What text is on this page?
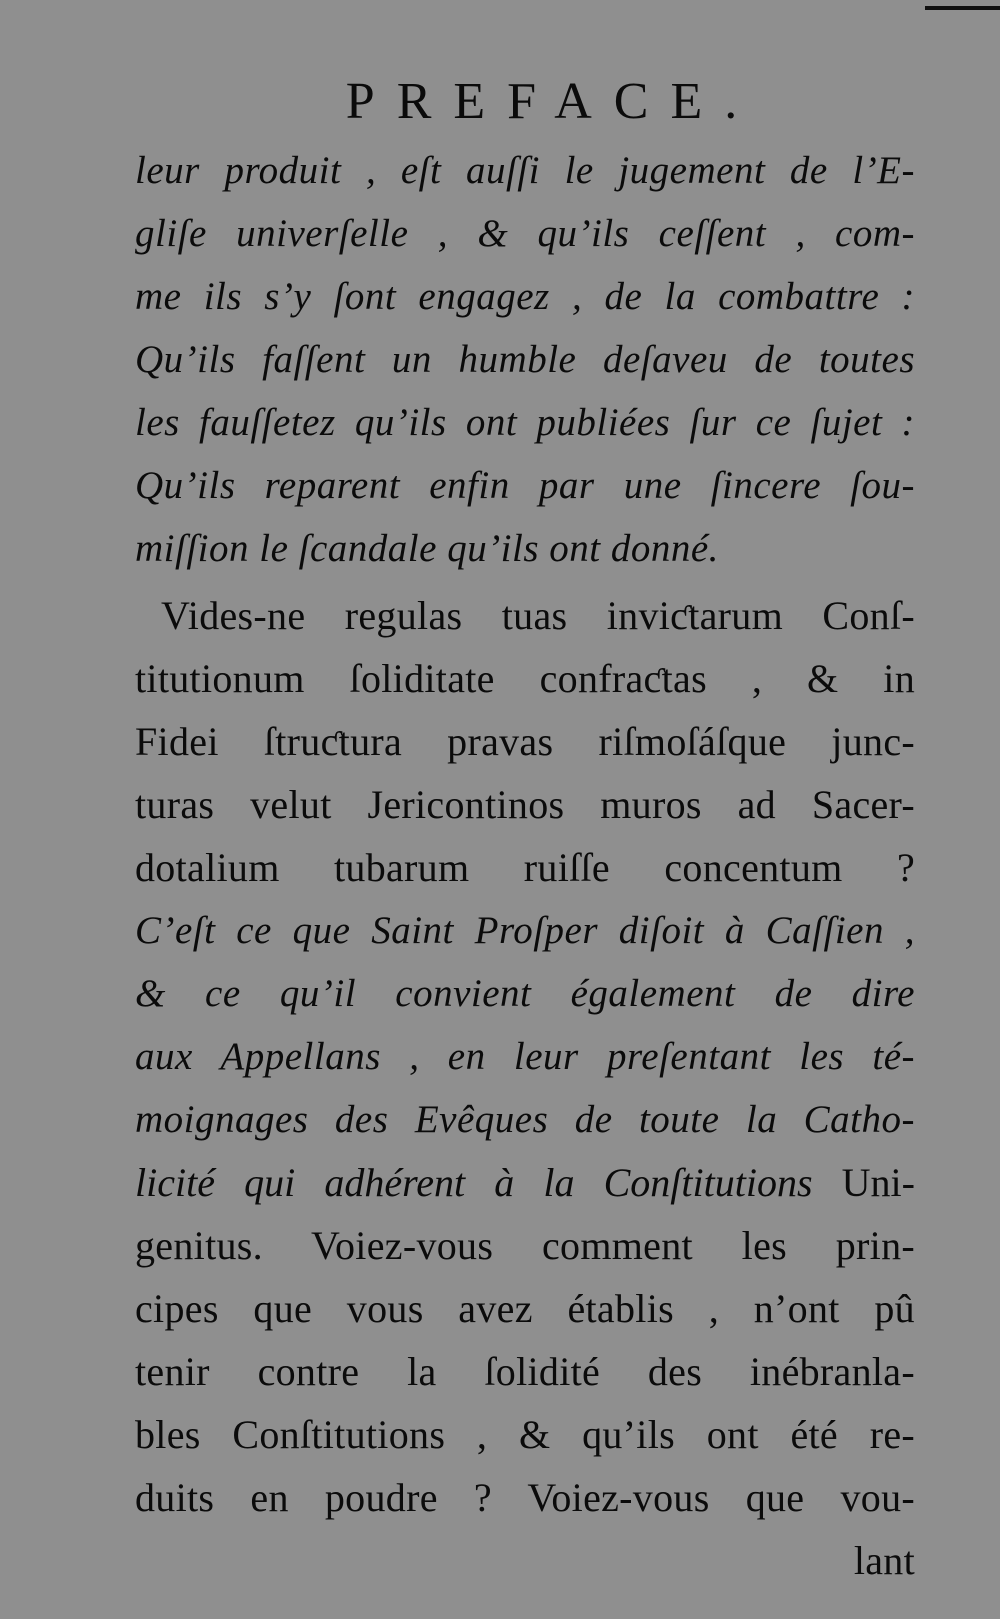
PREFACE.
leur produit , eſt auſſi le jugement de l’E-
gliſe univerſelle , & qu’ils ceſſent , com-
me ils s’y ſont engagez , de la combattre :
Qu’ils faſſent un humble deſaveu de toutes
les fauſſetez qu’ils ont publiées ſur ce ſujet :
Qu’ils reparent enfin par une ſincere ſou-
miſſion le ſcandale qu’ils ont donné.
Vides-ne regulas tuas inviƈtarum Conſ-
titutionum ſoliditate confraƈtas , & in
Fidei ſtruƈtura pravas riſmoſáſque junc-
turas velut Jericontinos muros ad Sacer-
dotalium tubarum ruiſſe concentum ?
C’eſt ce que Saint Proſper diſoit à Caſſien ,
& ce qu’il convient également de dire
aux Appellans , en leur preſentant les té-
moignages des Evêques de toute la Catho-
licité qui adhérent à la Conſtitutions Uni-
genitus. Voiez-vous comment les prin-
cipes que vous avez établis , n’ont pû
tenir contre la ſolidité des inébranla-
bles Conſtitutions , & qu’ils ont été re-
duits en poudre ? Voiez-vous que vou-
lant
